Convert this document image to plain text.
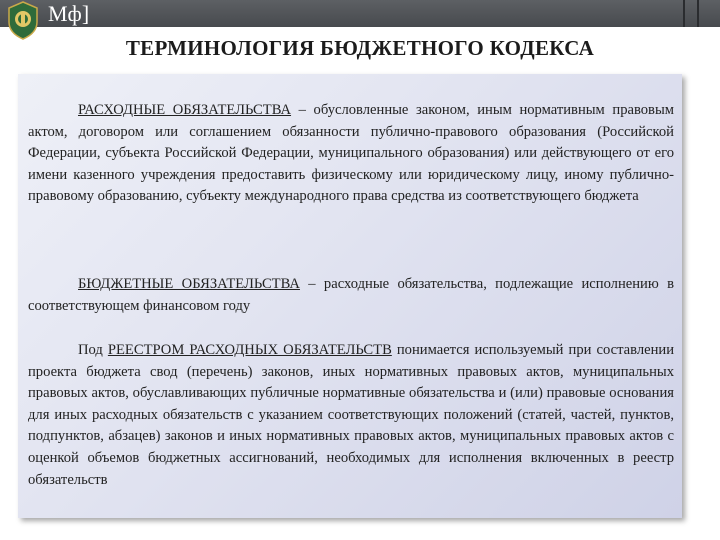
Мф]
ТЕРМИНОЛОГИЯ БЮДЖЕТНОГО КОДЕКСА
РАСХОДНЫЕ ОБЯЗАТЕЛЬСТВА – обусловленные законом, иным нормативным правовым актом, договором или соглашением обязанности публично-правового образования (Российской Федерации, субъекта Российской Федерации, муниципального образования) или действующего от его имени казенного учреждения предоставить физическому или юридическому лицу, иному публично-правовому образованию, субъекту международного права средства из соответствующего бюджета
БЮДЖЕТНЫЕ ОБЯЗАТЕЛЬСТВА – расходные обязательства, подлежащие исполнению в соответствующем финансовом году
Под РЕЕСТРОМ РАСХОДНЫХ ОБЯЗАТЕЛЬСТВ понимается используемый при составлении проекта бюджета свод (перечень) законов, иных нормативных правовых актов, муниципальных правовых актов, обуславливающих публичные нормативные обязательства и (или) правовые основания для иных расходных обязательств с указанием соответствующих положений (статей, частей, пунктов, подпунктов, абзацев) законов и иных нормативных правовых актов, муниципальных правовых актов с оценкой объемов бюджетных ассигнований, необходимых для исполнения включенных в реестр обязательств
